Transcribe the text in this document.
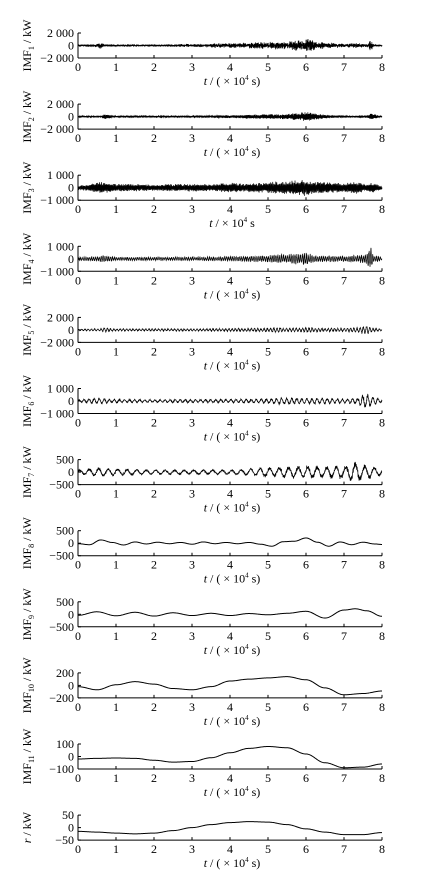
2 000
0
−2 000
0	1	2	3	4	5	6	7	8
t / ( × $10^4$ s)
$IMF_1$ / kW
2 000
0
−2 000
0	1	2	3	4	5	6	7	8
t / ( × $10^4$ s)
$IMF_2$ / kW
1 000
0
−1 000
0	1	2	3	4	5	6	7	8
t / × $10^4$ s
$IMF_3$ / kW
1 000
0
−1 000
0	1	2	3	4	5	6	7	8
t / ( × $10^4$ s)
$IMF_4$ / kW
2 000
0
−2 000
0	1	2	3	4	5	6	7	8
t / ( × $10^4$ s)
$IMF_5$ / kW
1 000
0
−1 000
0	1	2	3	4	5	6	7	8
t / ( × $10^4$ s)
$IMF_6$ / kW
500
0
−500
0	1	2	3	4	5	6	7	8
t / ( × $10^4$ s)
$IMF_7$ / kW
500
0
−500
0	1	2	3	4	5	6	7	8
t / ( × $10^4$ s)
$IMF_8$ / kW
500
0
−500
0	1	2	3	4	5	6	7	8
t / ( × $10^4$ s)
$IMF_9$ / kW
200
0
−200
0	1	2	3	4	5	6	7	8
t / ( × $10^4$ s)
$IMF_{10}$ / kW
100
0
−100
0	1	2	3	4	5	6	7	8
t / ( × $10^4$ s)
$IMF_{11}$ / kW
50
0
−50
0	1	2	3	4	5	6	7	8
t / ( × $10^4$ s)
r / kW
